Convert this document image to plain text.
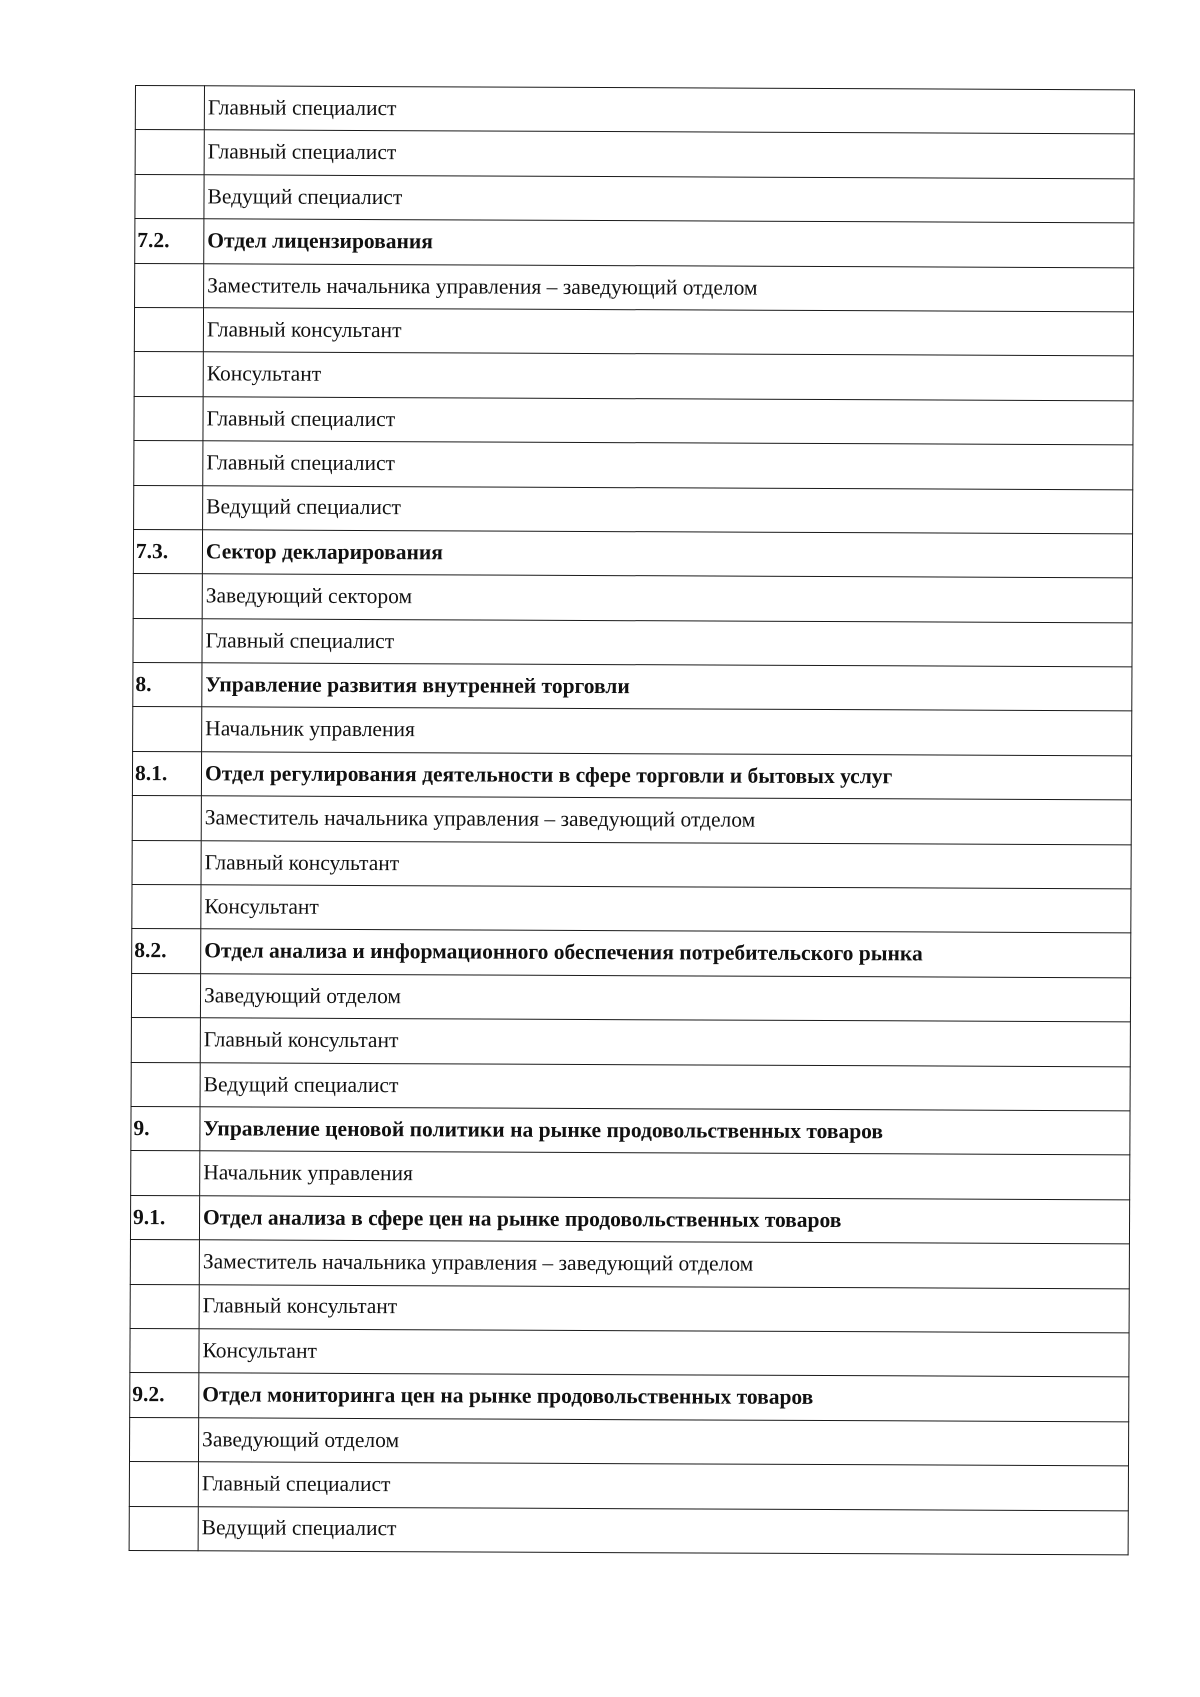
	Главный специалист
	Главный специалист
	Ведущий специалист
7.2.	Отдел лицензирования
	Заместитель начальника управления – заведующий отделом
	Главный консультант
	Консультант
	Главный специалист
	Главный специалист
	Ведущий специалист
7.3.	Сектор декларирования
	Заведующий сектором
	Главный специалист
8.	Управление развития внутренней торговли
	Начальник управления
8.1.	Отдел регулирования деятельности в сфере торговли и бытовых услуг
	Заместитель начальника управления – заведующий отделом
	Главный консультант
	Консультант
8.2.	Отдел анализа и информационного обеспечения потребительского рынка
	Заведующий отделом
	Главный консультант
	Ведущий специалист
9.	Управление ценовой политики на рынке продовольственных товаров
	Начальник управления
9.1.	Отдел анализа в сфере цен на рынке продовольственных товаров
	Заместитель начальника управления – заведующий отделом
	Главный консультант
	Консультант
9.2.	Отдел мониторинга цен на рынке продовольственных товаров
	Заведующий отделом
	Главный специалист
	Ведущий специалист
